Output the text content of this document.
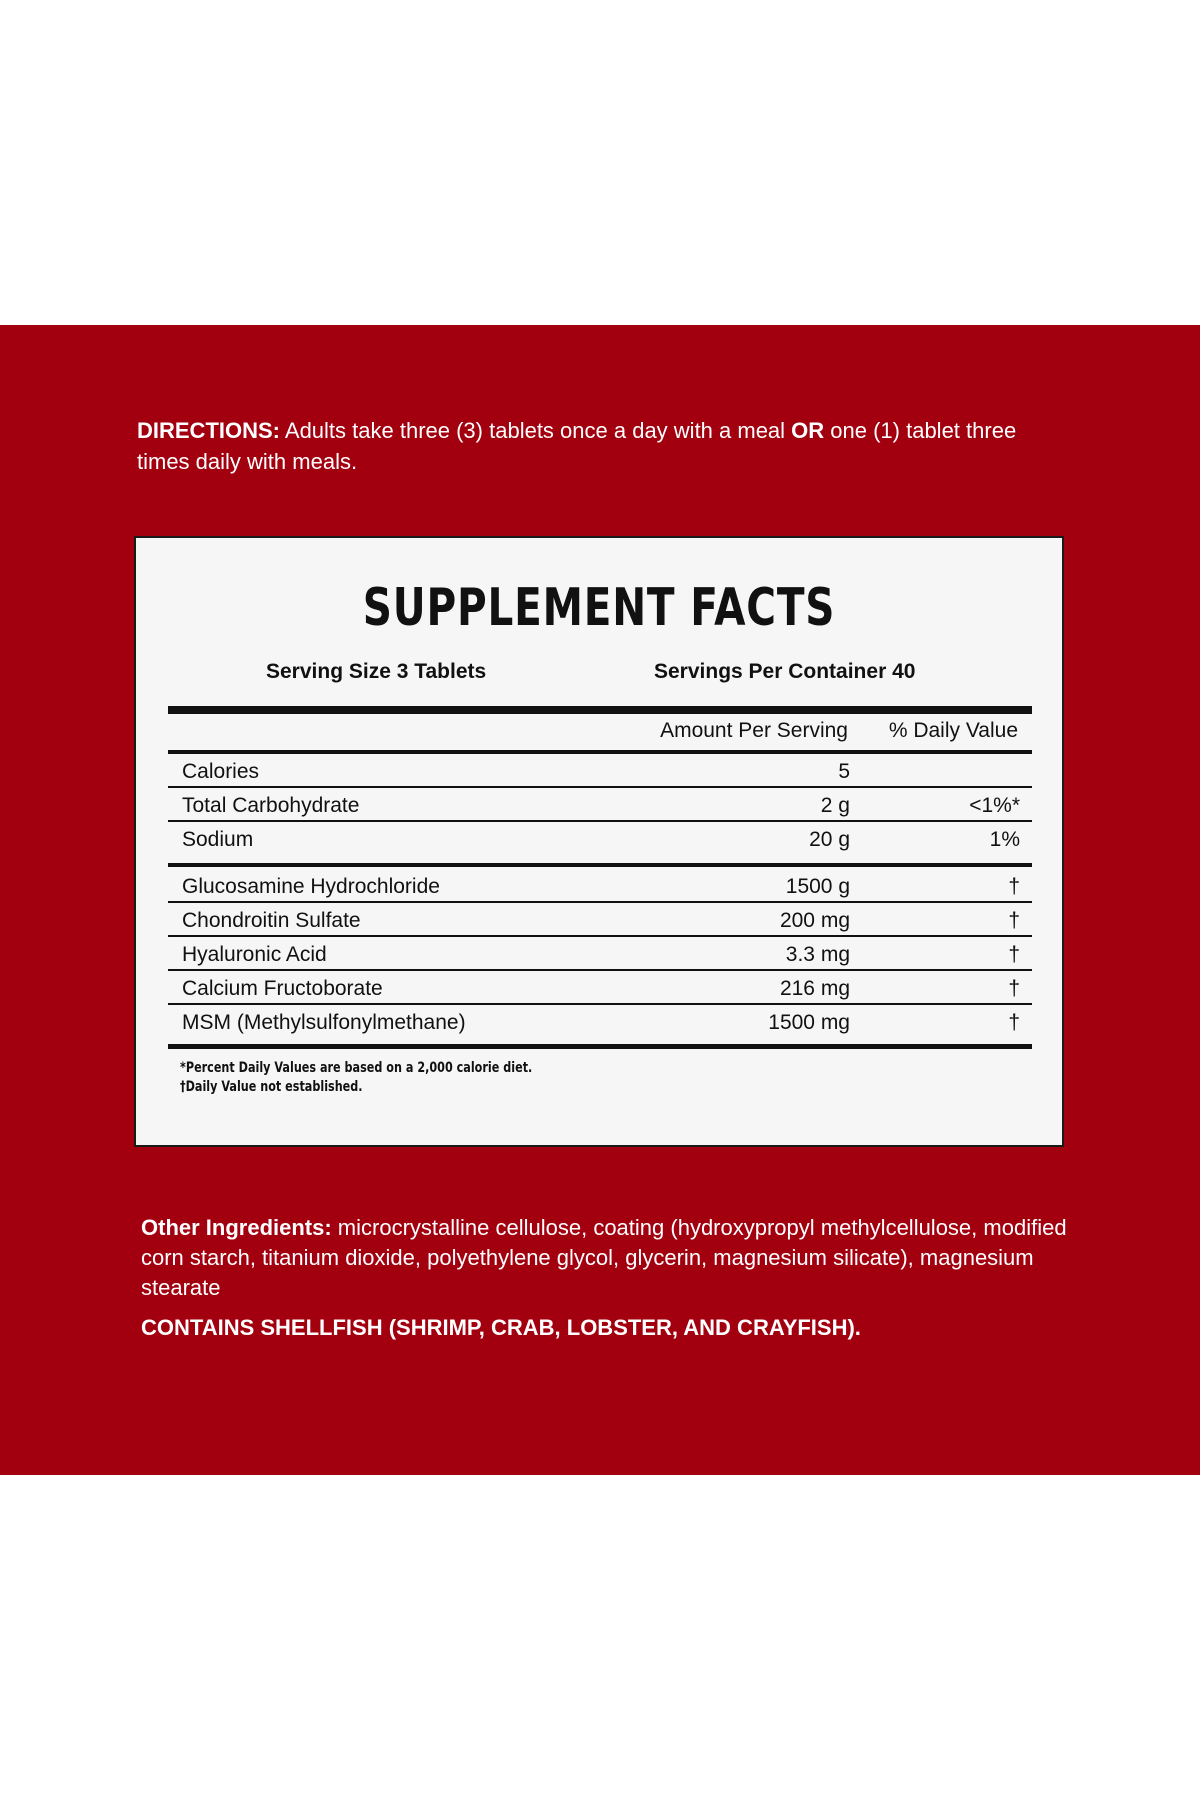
DIRECTIONS: Adults take three (3) tablets once a day with a meal OR one (1) tablet three times daily with meals.
SUPPLEMENT FACTS
Serving Size 3 Tablets	Servings Per Container 40
Amount Per Serving % Daily Value
Calories	5
Total Carbohydrate	2 g	<1%*
Sodium	20 g	1%
Glucosamine Hydrochloride	1500 g	†
Chondroitin Sulfate	200 mg	†
Hyaluronic Acid	3.3 mg	†
Calcium Fructoborate	216 mg	†
MSM (Methylsulfonylmethane)	1500 mg	†
*Percent Daily Values are based on a 2,000 calorie diet.
†Daily Value not established.
Other Ingredients: microcrystalline cellulose, coating (hydroxypropyl methylcellulose, modified corn starch, titanium dioxide, polyethylene glycol, glycerin, magnesium silicate), magnesium stearate
CONTAINS SHELLFISH (SHRIMP, CRAB, LOBSTER, AND CRAYFISH).
